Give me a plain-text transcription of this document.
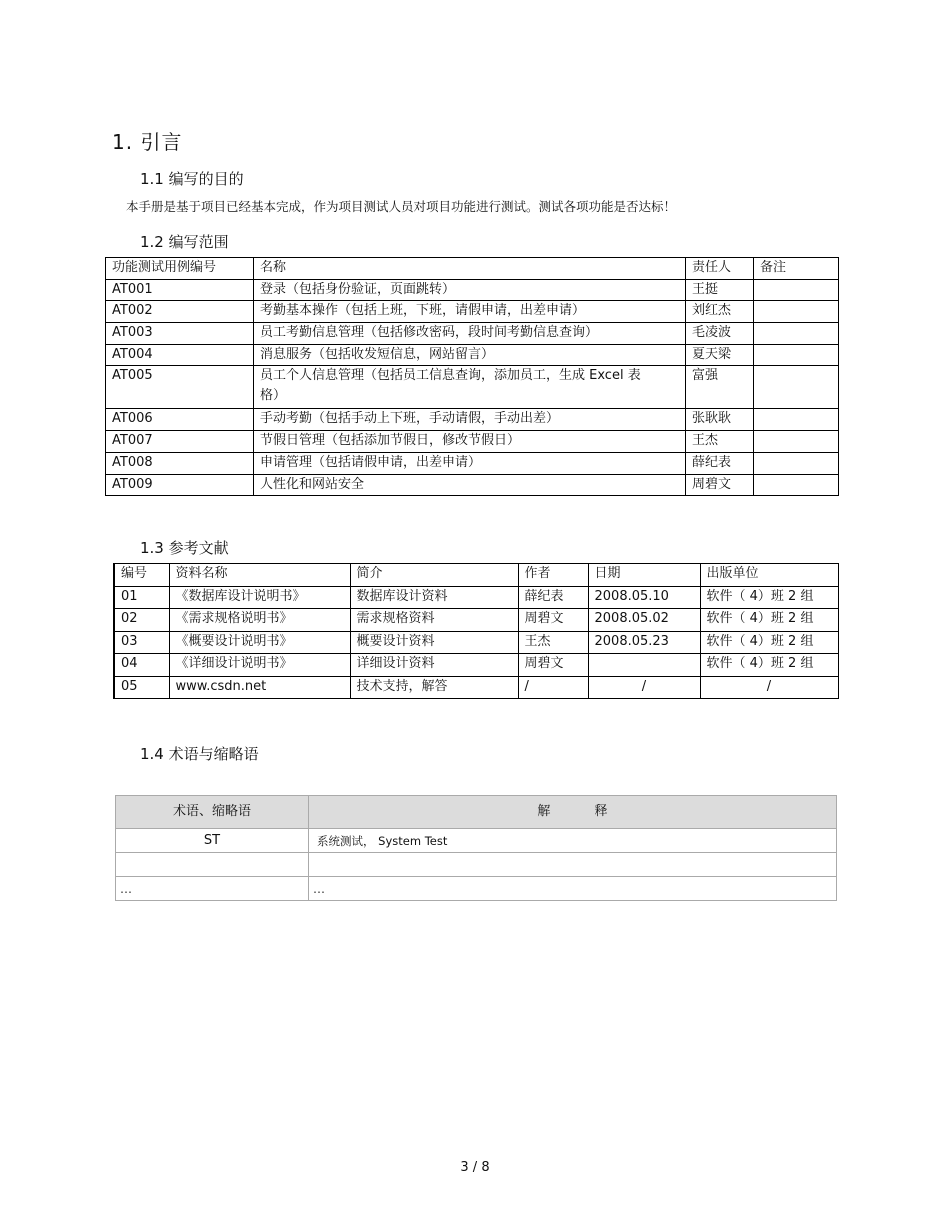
1. 引言
1.1 编写的目的
本手册是基于项目已经基本完成，作为项目测试人员对项目功能进行测试。测试各项功能是否达标！
1.2 编写范围
功能测试用例编号	名称	责任人	备注
AT001	登录（包括身份验证，页面跳转）	王挺	
AT002	考勤基本操作（包括上班，下班，请假申请，出差申请）	刘红杰	
AT003	员工考勤信息管理（包括修改密码，段时间考勤信息查询）	毛凌波	
AT004	消息服务（包括收发短信息，网站留言）	夏天梁	
AT005	员工个人信息管理（包括员工信息查询，添加员工，生成 Excel 表格）	富强	
AT006	手动考勤（包括手动上下班，手动请假，手动出差）	张耿耿	
AT007	节假日管理（包括添加节假日，修改节假日）	王杰	
AT008	申请管理（包括请假申请，出差申请）	薛纪表	
AT009	人性化和网站安全	周碧文	
1.3 参考文献
编号	资料名称	简介	作者	日期	出版单位
01	《数据库设计说明书》	数据库设计资料	薛纪表	2008.05.10	软件（ 4）班 2 组
02	《需求规格说明书》	需求规格资料	周碧文	2008.05.02	软件（ 4）班 2 组
03	《概要设计说明书》	概要设计资料	王杰	2008.05.23	软件（ 4）班 2 组
04	《详细设计说明书》	详细设计资料	周碧文		软件（ 4）班 2 组
05	www.csdn.net	技术支持，解答	/	/	/
1.4 术语与缩略语
术语、缩略语	解 释
ST	系统测试， System Test

…	…
3 / 8
